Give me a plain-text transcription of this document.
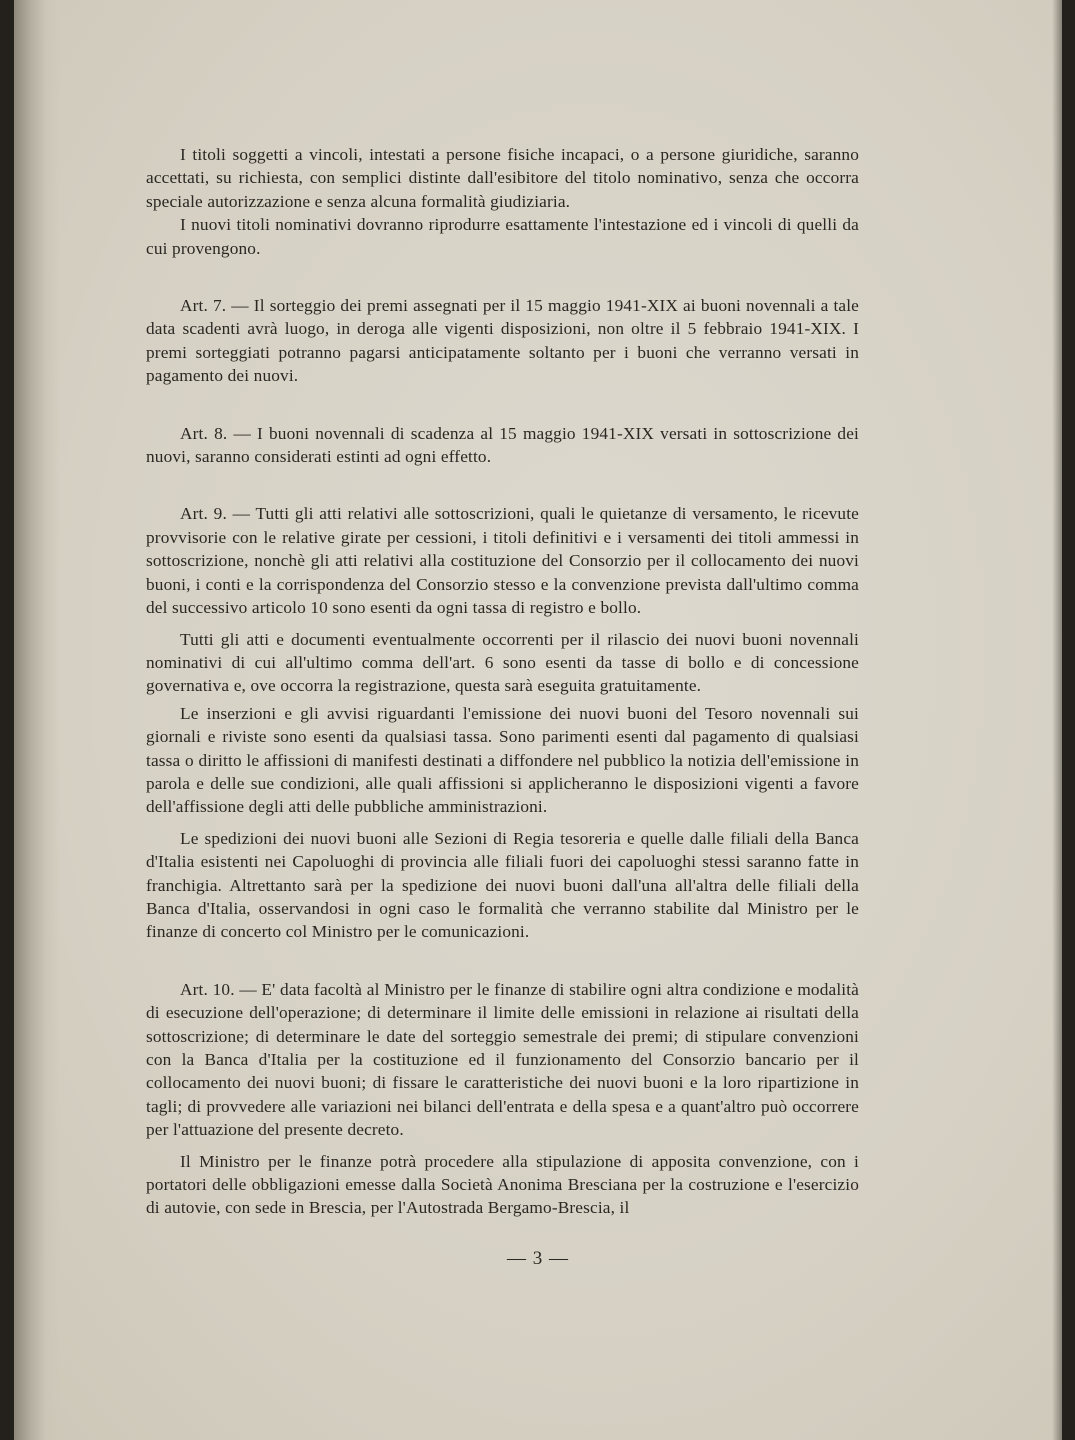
I titoli soggetti a vincoli, intestati a persone fisiche incapaci, o a persone giuridiche, saranno accettati, su richiesta, con semplici distinte dall'esibitore del titolo nominativo, senza che occorra speciale autorizzazione e senza alcuna formalità giudiziaria.

I nuovi titoli nominativi dovranno riprodurre esattamente l'intestazione ed i vincoli di quelli da cui provengono.

Art. 7. — Il sorteggio dei premi assegnati per il 15 maggio 1941-XIX ai buoni novennali a tale data scadenti avrà luogo, in deroga alle vigenti disposizioni, non oltre il 5 febbraio 1941-XIX. I premi sorteggiati potranno pagarsi anticipatamente soltanto per i buoni che verranno versati in pagamento dei nuovi.

Art. 8. — I buoni novennali di scadenza al 15 maggio 1941-XIX versati in sottoscrizione dei nuovi, saranno considerati estinti ad ogni effetto.

Art. 9. — Tutti gli atti relativi alle sottoscrizioni, quali le quietanze di versamento, le ricevute provvisorie con le relative girate per cessioni, i titoli definitivi e i versamenti dei titoli ammessi in sottoscrizione, nonchè gli atti relativi alla costituzione del Consorzio per il collocamento dei nuovi buoni, i conti e la corrispondenza del Consorzio stesso e la convenzione prevista dall'ultimo comma del successivo articolo 10 sono esenti da ogni tassa di registro e bollo.

Tutti gli atti e documenti eventualmente occorrenti per il rilascio dei nuovi buoni novennali nominativi di cui all'ultimo comma dell'art. 6 sono esenti da tasse di bollo e di concessione governativa e, ove occorra la registrazione, questa sarà eseguita gratuitamente.

Le inserzioni e gli avvisi riguardanti l'emissione dei nuovi buoni del Tesoro novennali sui giornali e riviste sono esenti da qualsiasi tassa. Sono parimenti esenti dal pagamento di qualsiasi tassa o diritto le affissioni di manifesti destinati a diffondere nel pubblico la notizia dell'emissione in parola e delle sue condizioni, alle quali affissioni si applicheranno le disposizioni vigenti a favore dell'affissione degli atti delle pubbliche amministrazioni.

Le spedizioni dei nuovi buoni alle Sezioni di Regia tesoreria e quelle dalle filiali della Banca d'Italia esistenti nei Capoluoghi di provincia alle filiali fuori dei capoluoghi stessi saranno fatte in franchigia. Altrettanto sarà per la spedizione dei nuovi buoni dall'una all'altra delle filiali della Banca d'Italia, osservandosi in ogni caso le formalità che verranno stabilite dal Ministro per le finanze di concerto col Ministro per le comunicazioni.

Art. 10. — E' data facoltà al Ministro per le finanze di stabilire ogni altra condizione e modalità di esecuzione dell'operazione; di determinare il limite delle emissioni in relazione ai risultati della sottoscrizione; di determinare le date del sorteggio semestrale dei premi; di stipulare convenzioni con la Banca d'Italia per la costituzione ed il funzionamento del Consorzio bancario per il collocamento dei nuovi buoni; di fissare le caratteristiche dei nuovi buoni e la loro ripartizione in tagli; di provvedere alle variazioni nei bilanci dell'entrata e della spesa e a quant'altro può occorrere per l'attuazione del presente decreto.

Il Ministro per le finanze potrà procedere alla stipulazione di apposita convenzione, con i portatori delle obbligazioni emesse dalla Società Anonima Bresciana per la costruzione e l'esercizio di autovie, con sede in Brescia, per l'Autostrada Bergamo-Brescia, il

— 3 —
